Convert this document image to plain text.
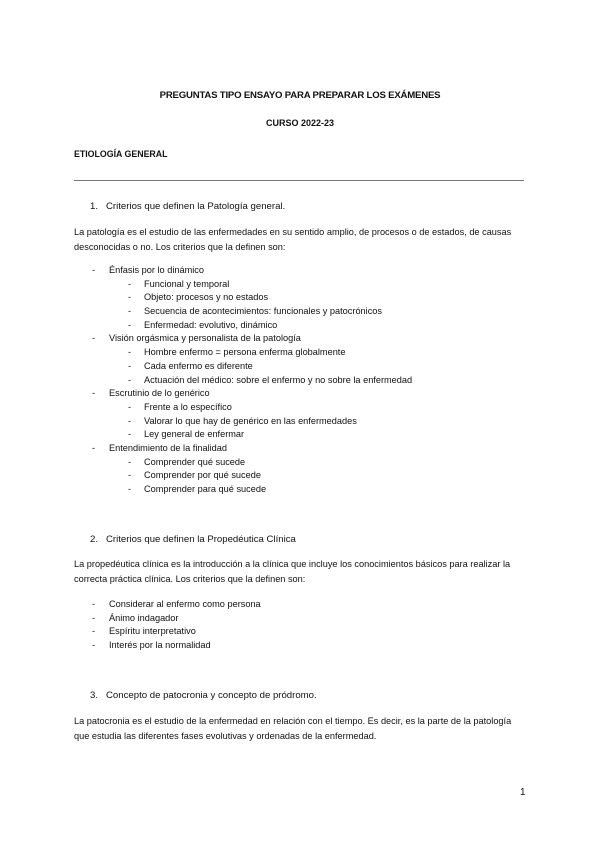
PREGUNTAS TIPO ENSAYO PARA PREPARAR LOS EXÁMENES
CURSO 2022-23
ETIOLOGÍA GENERAL
1. Criterios que definen la Patología general.

La patología es el estudio de las enfermedades en su sentido amplio, de procesos o de estados, de causas desconocidas o no. Los criterios que la definen son:

- Énfasis por lo dinámico
- Funcional y temporal
- Objeto: procesos y no estados
- Secuencia de acontecimientos: funcionales y patocrónicos
- Enfermedad: evolutivo, dinámico
- Visión orgásmica y personalista de la patología
- Hombre enfermo = persona enferma globalmente
- Cada enfermo es diferente
- Actuación del médico: sobre el enfermo y no sobre la enfermedad
- Escrutinio de lo genérico
- Frente a lo específico
- Valorar lo que hay de genérico en las enfermedades
- Ley general de enfermar
- Entendimiento de la finalidad
- Comprender qué sucede
- Comprender por qué sucede
- Comprender para qué sucede
2. Criterios que definen la Propedéutica Clínica

La propedéutica clínica es la introducción a la clínica que incluye los conocimientos básicos para realizar la correcta práctica clínica. Los criterios que la definen son:

- Considerar al enfermo como persona
- Ánimo indagador
- Espíritu interpretativo
- Interés por la normalidad
3. Concepto de patocronia y concepto de pródromo.

La patocronia es el estudio de la enfermedad en relación con el tiempo. Es decir, es la parte de la patología que estudia las diferentes fases evolutivas y ordenadas de la enfermedad.

1
